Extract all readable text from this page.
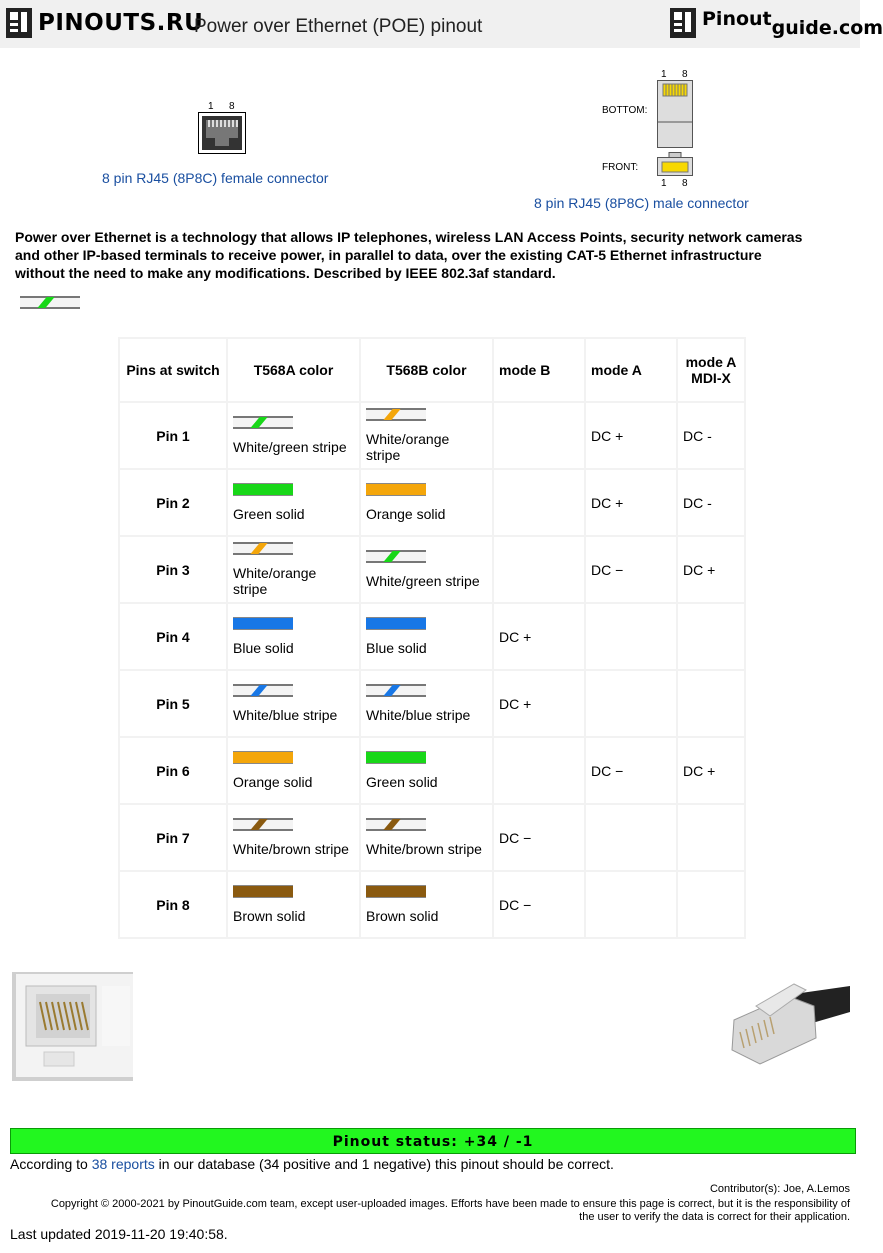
PINOUTS.RU
Power over Ethernet (POE) pinout	Pinout guide.com
1 8
8 pin RJ45 (8P8C) female connector
1 8
BOTTOM:
FRONT:
1 8
8 pin RJ45 (8P8C) male connector
Power over Ethernet is a technology that allows IP telephones, wireless LAN Access Points, security network cameras and other IP-based terminals to receive power, in parallel to data, over the existing CAT-5 Ethernet infrastructure without the need to make any modifications. Described by IEEE 802.3af standard.
Pins at switch	T568A color	T568B color	mode B	mode A	mode A MDI-X
Pin 1	White/green stripe	White/orange stripe		DC +	DC -
Pin 2	Green solid	Orange solid		DC +	DC -
Pin 3	White/orange stripe	White/green stripe		DC −	DC +
Pin 4	Blue solid	Blue solid	DC +		
Pin 5	White/blue stripe	White/blue stripe	DC +		
Pin 6	Orange solid	Green solid		DC −	DC +
Pin 7	White/brown stripe	White/brown stripe	DC −		
Pin 8	Brown solid	Brown solid	DC −		
Pinout status: +34 / -1
According to 38 reports in our database (34 positive and 1 negative) this pinout should be correct.
Contributor(s): Joe, A.Lemos
Copyright © 2000-2021 by PinoutGuide.com team, except user-uploaded images. Efforts have been made to ensure this page is correct, but it is the responsibility of the user to verify the data is correct for their application.
Last updated 2019-11-20 19:40:58.
